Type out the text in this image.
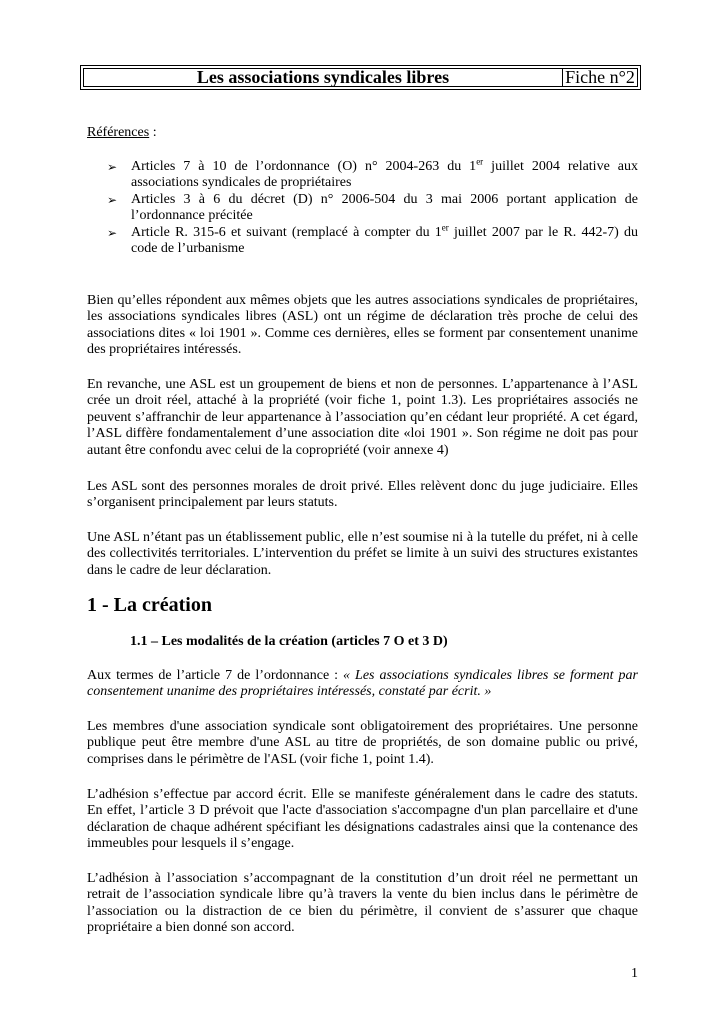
Les associations syndicales libres	Fiche n°2
Références :
➢ Articles 7 à 10 de l’ordonnance (O) n° 2004-263 du 1er juillet 2004 relative aux
associations syndicales de propriétaires
➢ Articles 3 à 6 du décret (D) n° 2006-504 du 3 mai 2006 portant application de
l’ordonnance précitée
➢ Article R. 315-6 et suivant (remplacé à compter du 1er juillet 2007 par le R. 442-7) du
code de l’urbanisme

Bien qu’elles répondent aux mêmes objets que les autres associations syndicales de propriétaires, les associations syndicales libres (ASL) ont un régime de déclaration très proche de celui des associations dites « loi 1901 ». Comme ces dernières, elles se forment par consentement unanime des propriétaires intéressés.

En revanche, une ASL est un groupement de biens et non de personnes. L’appartenance à l’ASL crée un droit réel, attaché à la propriété (voir fiche 1, point 1.3). Les propriétaires associés ne peuvent s’affranchir de leur appartenance à l’association qu’en cédant leur propriété. A cet égard, l’ASL diffère fondamentalement d’une association dite «loi 1901 ». Son régime ne doit pas pour autant être confondu avec celui de la copropriété (voir annexe 4)

Les ASL sont des personnes morales de droit privé. Elles relèvent donc du juge judiciaire. Elles s’organisent principalement par leurs statuts.

Une ASL n’étant pas un établissement public, elle n’est soumise ni à la tutelle du préfet, ni à celle des collectivités territoriales. L’intervention du préfet se limite à un suivi des structures existantes dans le cadre de leur déclaration.

1 - La création
1.1 – Les modalités de la création (articles 7 O et 3 D)

Aux termes de l’article 7 de l’ordonnance : « Les associations syndicales libres se forment par consentement unanime des propriétaires intéressés, constaté par écrit. »

Les membres d'une association syndicale sont obligatoirement des propriétaires. Une personne publique peut être membre d'une ASL au titre de propriétés, de son domaine public ou privé, comprises dans le périmètre de l'ASL (voir fiche 1, point 1.4).

L’adhésion s’effectue par accord écrit. Elle se manifeste généralement dans le cadre des statuts. En effet, l’article 3 D prévoit que l'acte d'association s'accompagne d'un plan parcellaire et d'une déclaration de chaque adhérent spécifiant les désignations cadastrales ainsi que la contenance des immeubles pour lesquels il s’engage.

L’adhésion à l’association s’accompagnant de la constitution d’un droit réel ne permettant un retrait de l’association syndicale libre qu’à travers la vente du bien inclus dans le périmètre de l’association ou la distraction de ce bien du périmètre, il convient de s’assurer que chaque propriétaire a bien donné son accord.

1
